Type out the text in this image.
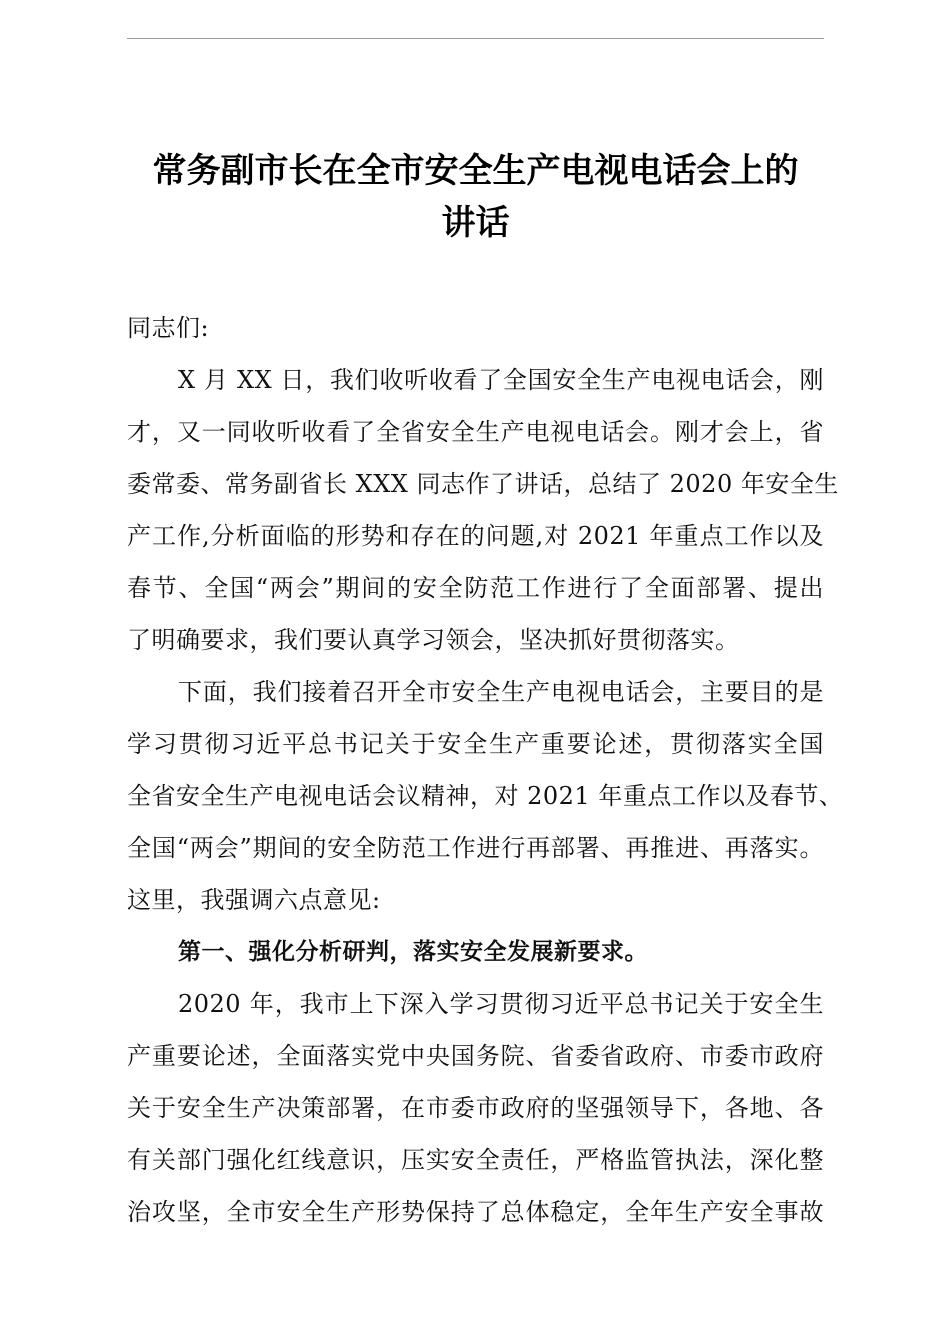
常务副市长在全市安全生产电视电话会上的
讲话
同志们:
X 月 XX 日，我们收听收看了全国安全生产电视电话会，刚
才，又一同收听收看了全省安全生产电视电话会。刚才会上，省
委常委、常务副省长 XXX 同志作了讲话，总结了 2020 年安全生
产工作,分析面临的形势和存在的问题,对 2021 年重点工作以及
春节、全国“两会”期间的安全防范工作进行了全面部署、提出
了明确要求，我们要认真学习领会，坚决抓好贯彻落实。
下面，我们接着召开全市安全生产电视电话会，主要目的是
学习贯彻习近平总书记关于安全生产重要论述，贯彻落实全国
全省安全生产电视电话会议精神，对 2021 年重点工作以及春节、
全国“两会”期间的安全防范工作进行再部署、再推进、再落实。
这里，我强调六点意见:
第一、强化分析研判，落实安全发展新要求。
2020 年，我市上下深入学习贯彻习近平总书记关于安全生
产重要论述，全面落实党中央国务院、省委省政府、市委市政府
关于安全生产决策部署，在市委市政府的坚强领导下，各地、各
有关部门强化红线意识，压实安全责任，严格监管执法，深化整
治攻坚，全市安全生产形势保持了总体稳定，全年生产安全事故
